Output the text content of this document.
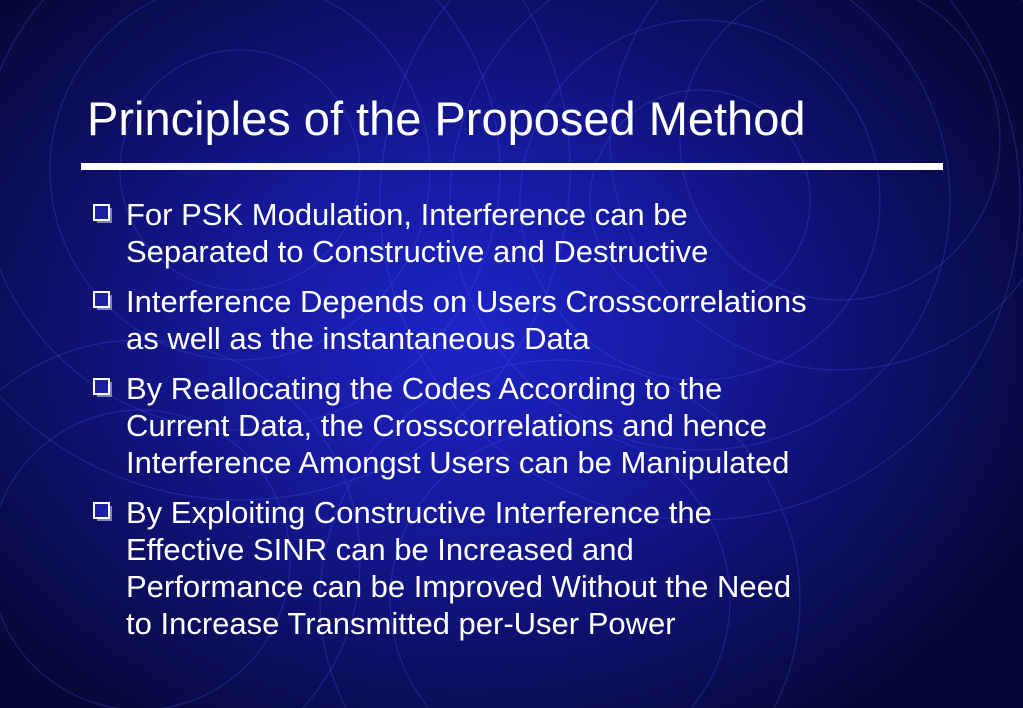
Principles of the Proposed Method
For PSK Modulation, Interference can be
Separated to Constructive and Destructive
Interference Depends on Users Crosscorrelations
as well as the instantaneous Data
By Reallocating the Codes According to the
Current Data, the Crosscorrelations and hence
Interference Amongst Users can be Manipulated
By Exploiting Constructive Interference the
Effective SINR can be Increased and
Performance can be Improved Without the Need
to Increase Transmitted per-User Power
